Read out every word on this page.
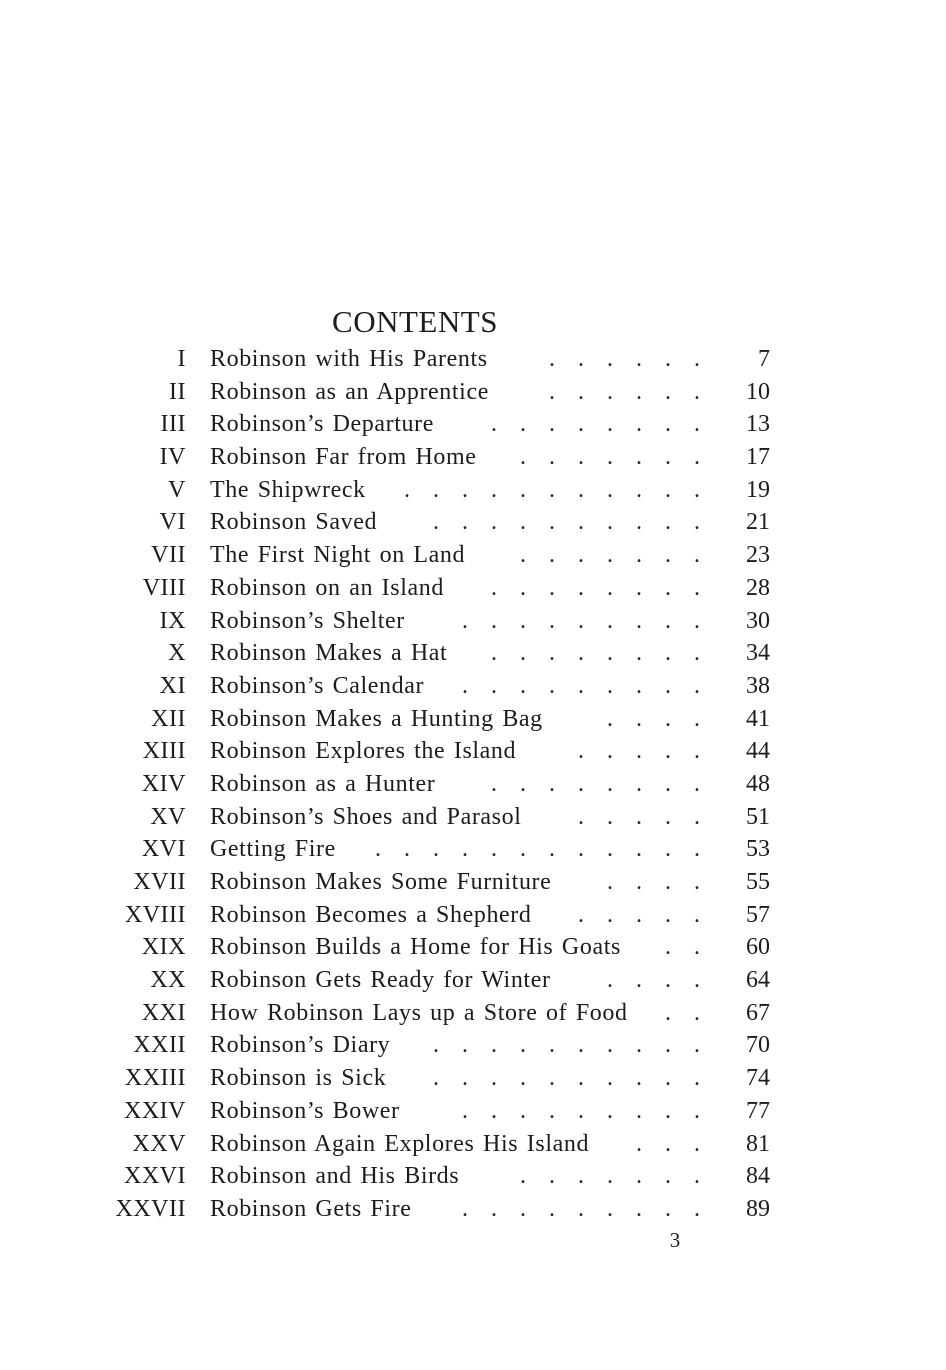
CONTENTS
I Robinson with His Parents	......	7
II Robinson as an Apprentice	...... 10
III Robinson’s Departure ........ 13
IV Robinson Far from Home ....... 17
V The Shipwreck ........... 19
VI Robinson Saved .......... 21
VII The First Night on Land ....... 23
VIII Robinson on an Island ........ 28
IX Robinson’s Shelter ......... 30
X Robinson Makes a Hat ........ 34
XI Robinson’s Calendar ......... 38
XII Robinson Makes a Hunting Bag	.... 41
XIII Robinson Explores the Island	..... 44
XIV Robinson as a Hunter ........ 48
XV Robinson’s Shoes and Parasol ..... 51
XVI Getting Fire ............ 53
XVII Robinson Makes Some Furniture .... 55
XVIII Robinson Becomes a Shepherd ..... 57
XIX Robinson Builds a Home for His Goats .. 60
XX Robinson Gets Ready for Winter .... 64
XXI How Robinson Lays up a Store of Food .. 67
XXII Robinson’s Diary .......... 70
XXIII Robinson is Sick .......... 74
XXIV Robinson’s Bower	......... 77
XXV Robinson Again Explores His Island ... 81
XXVI Robinson and His Birds	....... 84
XXVII Robinson Gets Fire ......... 89
3
